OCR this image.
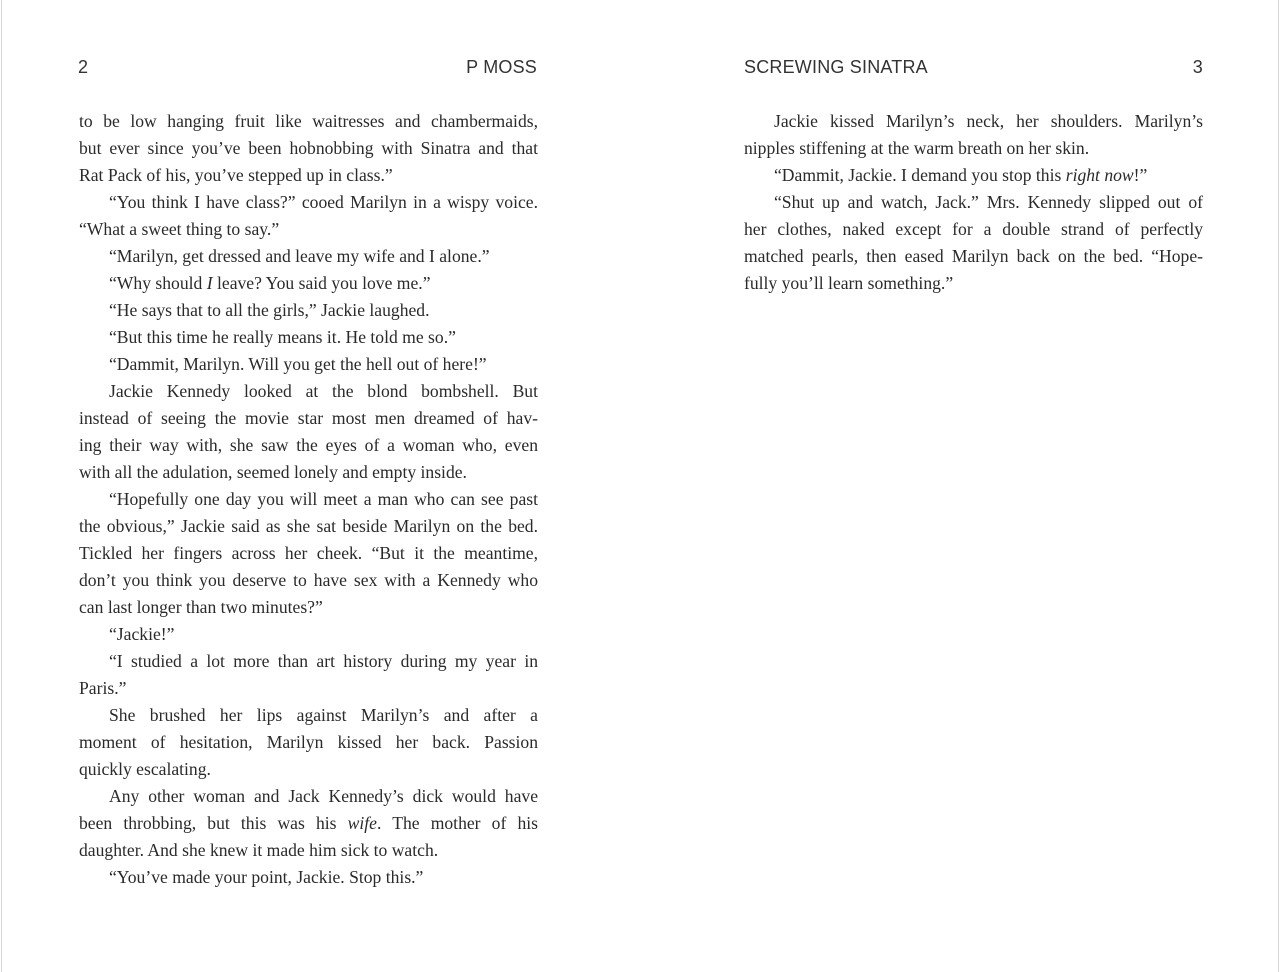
2	P MOSS
to be low hanging fruit like waitresses and chambermaids,
but ever since you’ve been hobnobbing with Sinatra and that
Rat Pack of his, you’ve stepped up in class.”
“You think I have class?” cooed Marilyn in a wispy voice.
“What a sweet thing to say.”
“Marilyn, get dressed and leave my wife and I alone.”
“Why should I leave? You said you love me.”
“He says that to all the girls,” Jackie laughed.
“But this time he really means it. He told me so.”
“Dammit, Marilyn. Will you get the hell out of here!”
Jackie Kennedy looked at the blond bombshell. But
instead of seeing the movie star most men dreamed of hav-
ing their way with, she saw the eyes of a woman who, even
with all the adulation, seemed lonely and empty inside.
“Hopefully one day you will meet a man who can see past
the obvious,” Jackie said as she sat beside Marilyn on the bed.
Tickled her fingers across her cheek. “But it the meantime,
don’t you think you deserve to have sex with a Kennedy who
can last longer than two minutes?”
“Jackie!”
“I studied a lot more than art history during my year in
Paris.”
She brushed her lips against Marilyn’s and after a
moment of hesitation, Marilyn kissed her back. Passion
quickly escalating.
Any other woman and Jack Kennedy’s dick would have
been throbbing, but this was his wife. The mother of his
daughter. And she knew it made him sick to watch.
“You’ve made your point, Jackie. Stop this.”
SCREWING SINATRA	3
Jackie kissed Marilyn’s neck, her shoulders. Marilyn’s
nipples stiffening at the warm breath on her skin.
“Dammit, Jackie. I demand you stop this right now!”
“Shut up and watch, Jack.” Mrs. Kennedy slipped out of
her clothes, naked except for a double strand of perfectly
matched pearls, then eased Marilyn back on the bed. “Hope-
fully you’ll learn something.”
